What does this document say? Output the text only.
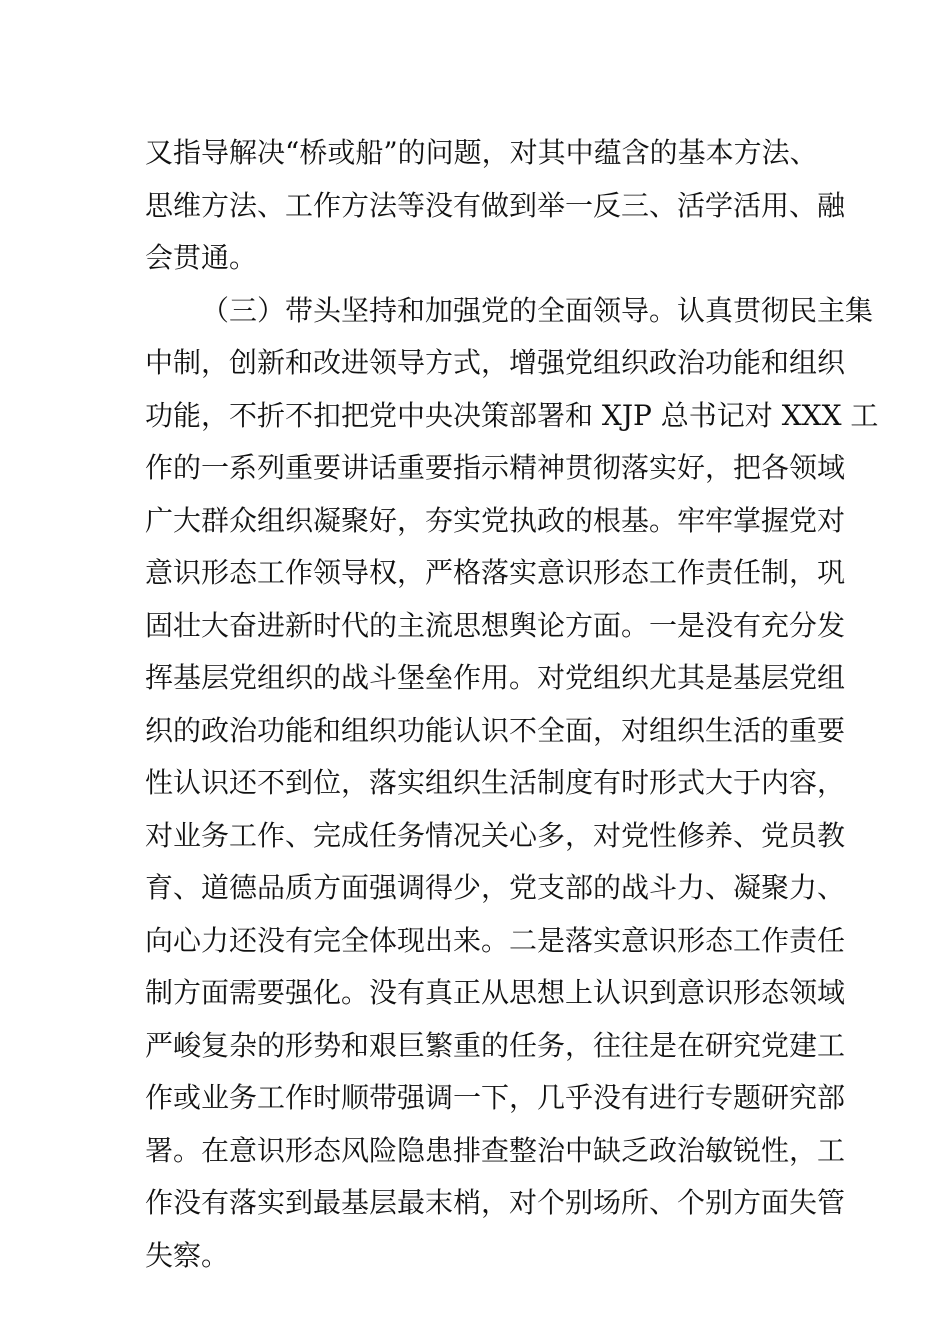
又指导解决“桥或船”的问题，对其中蕴含的基本方法、
思维方法、工作方法等没有做到举一反三、活学活用、融
会贯通。
（三）带头坚持和加强党的全面领导。认真贯彻民主集
中制，创新和改进领导方式，增强党组织政治功能和组织
功能，不折不扣把党中央决策部署和 XJP 总书记对 XXX 工
作的一系列重要讲话重要指示精神贯彻落实好，把各领域
广大群众组织凝聚好，夯实党执政的根基。牢牢掌握党对
意识形态工作领导权，严格落实意识形态工作责任制，巩
固壮大奋进新时代的主流思想舆论方面。一是没有充分发
挥基层党组织的战斗堡垒作用。对党组织尤其是基层党组
织的政治功能和组织功能认识不全面，对组织生活的重要
性认识还不到位，落实组织生活制度有时形式大于内容，
对业务工作、完成任务情况关心多，对党性修养、党员教
育、道德品质方面强调得少，党支部的战斗力、凝聚力、
向心力还没有完全体现出来。二是落实意识形态工作责任
制方面需要强化。没有真正从思想上认识到意识形态领域
严峻复杂的形势和艰巨繁重的任务，往往是在研究党建工
作或业务工作时顺带强调一下，几乎没有进行专题研究部
署。在意识形态风险隐患排查整治中缺乏政治敏锐性，工
作没有落实到最基层最末梢，对个别场所、个别方面失管
失察。
